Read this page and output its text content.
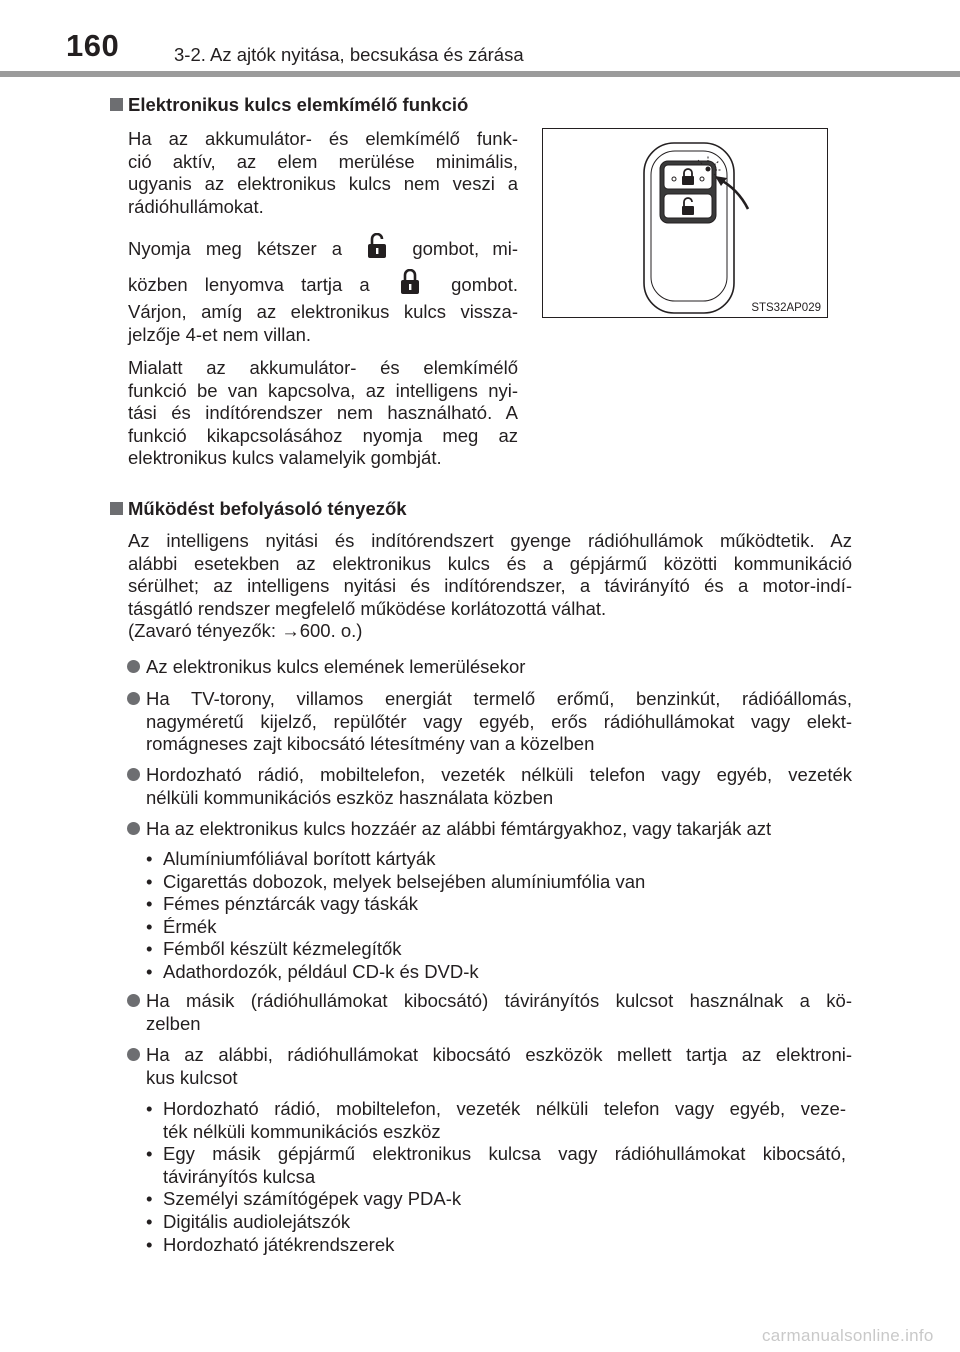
160	3-2. Az ajtók nyitása, becsukása és zárása
Elektronikus kulcs elemkímélő funkció
Ha az akkumulátor- és elemkímélő funk-
ció aktív, az elem merülése minimális,
ugyanis az elektronikus kulcs nem veszi a
rádióhullámokat.
Nyomja meg kétszer a	gombot, mi-
közben lenyomva tartja a	gombot.
Várjon, amíg az elektronikus kulcs vissza-
jelzője 4-et nem villan.
Mialatt az akkumulátor- és elemkímélő
funkció be van kapcsolva, az intelligens nyi-
tási és indítórendszer nem használható. A
funkció kikapcsolásához nyomja meg az
elektronikus kulcs valamelyik gombját.
STS32AP029
Működést befolyásoló tényezők
Az intelligens nyitási és indítórendszert gyenge rádióhullámok működtetik. Az
alábbi esetekben az elektronikus kulcs és a gépjármű közötti kommunikáció
sérülhet; az intelligens nyitási és indítórendszer, a távirányító és a motor-indí-
tásgátló rendszer megfelelő működése korlátozottá válhat.
(Zavaró tényezők: →600. o.)
Az elektronikus kulcs elemének lemerülésekor
Ha TV-torony, villamos energiát termelő erőmű, benzinkút, rádióállomás,
nagyméretű kijelző, repülőtér vagy egyéb, erős rádióhullámokat vagy elekt-
romágneses zajt kibocsátó létesítmény van a közelben
Hordozható rádió, mobiltelefon, vezeték nélküli telefon vagy egyéb, vezeték
nélküli kommunikációs eszköz használata közben
Ha az elektronikus kulcs hozzáér az alábbi fémtárgyakhoz, vagy takarják azt
• Alumíniumfóliával borított kártyák
• Cigarettás dobozok, melyek belsejében alumíniumfólia van
• Fémes pénztárcák vagy táskák
• Érmék
• Fémből készült kézmelegítők
• Adathordozók, például CD-k és DVD-k
Ha másik (rádióhullámokat kibocsátó) távirányítós kulcsot használnak a kö-
zelben
Ha az alábbi, rádióhullámokat kibocsátó eszközök mellett tartja az elektroni-
kus kulcsot
• Hordozható rádió, mobiltelefon, vezeték nélküli telefon vagy egyéb, veze-
ték nélküli kommunikációs eszköz
• Egy másik gépjármű elektronikus kulcsa vagy rádióhullámokat kibocsátó,
távirányítós kulcsa
• Személyi számítógépek vagy PDA-k
• Digitális audiolejátszók
• Hordozható játékrendszerek
carmanualsonline.info
